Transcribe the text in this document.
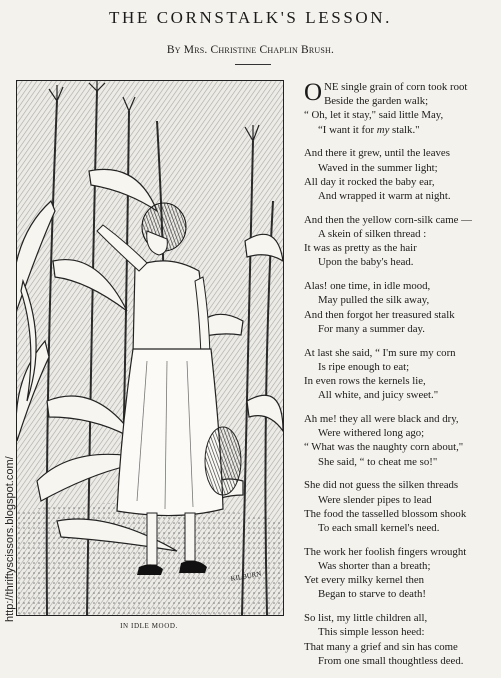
THE CORNSTALK'S LESSON.
By Mrs. Christine Chaplin Brush.
http://thriftyscissors.blogspot.com/	KILBURN
IN IDLE MOOD.
ONE single grain of corn took root
Beside the garden walk;
“ Oh, let it stay," said little May,
“I want it for my stalk."
And there it grew, until the leaves
Waved in the summer light;
All day it rocked the baby ear,
And wrapped it warm at night.
And then the yellow corn-silk came —
A skein of silken thread :
It was as pretty as the hair
Upon the baby's head.
Alas! one time, in idle mood,
May pulled the silk away,
And then forgot her treasured stalk
For many a summer day.
At last she said, “ I'm sure my corn
Is ripe enough to eat;
In even rows the kernels lie,
All white, and juicy sweet."
Ah me! they all were black and dry,
Were withered long ago;
“ What was the naughty corn about,"
She said, “ to cheat me so!"
She did not guess the silken threads
Were slender pipes to lead
The food the tasselled blossom shook
To each small kernel's need.
The work her foolish fingers wrought
Was shorter than a breath;
Yet every milky kernel then
Began to starve to death!
So list, my little children all,
This simple lesson heed:
That many a grief and sin has come
From one small thoughtless deed.
